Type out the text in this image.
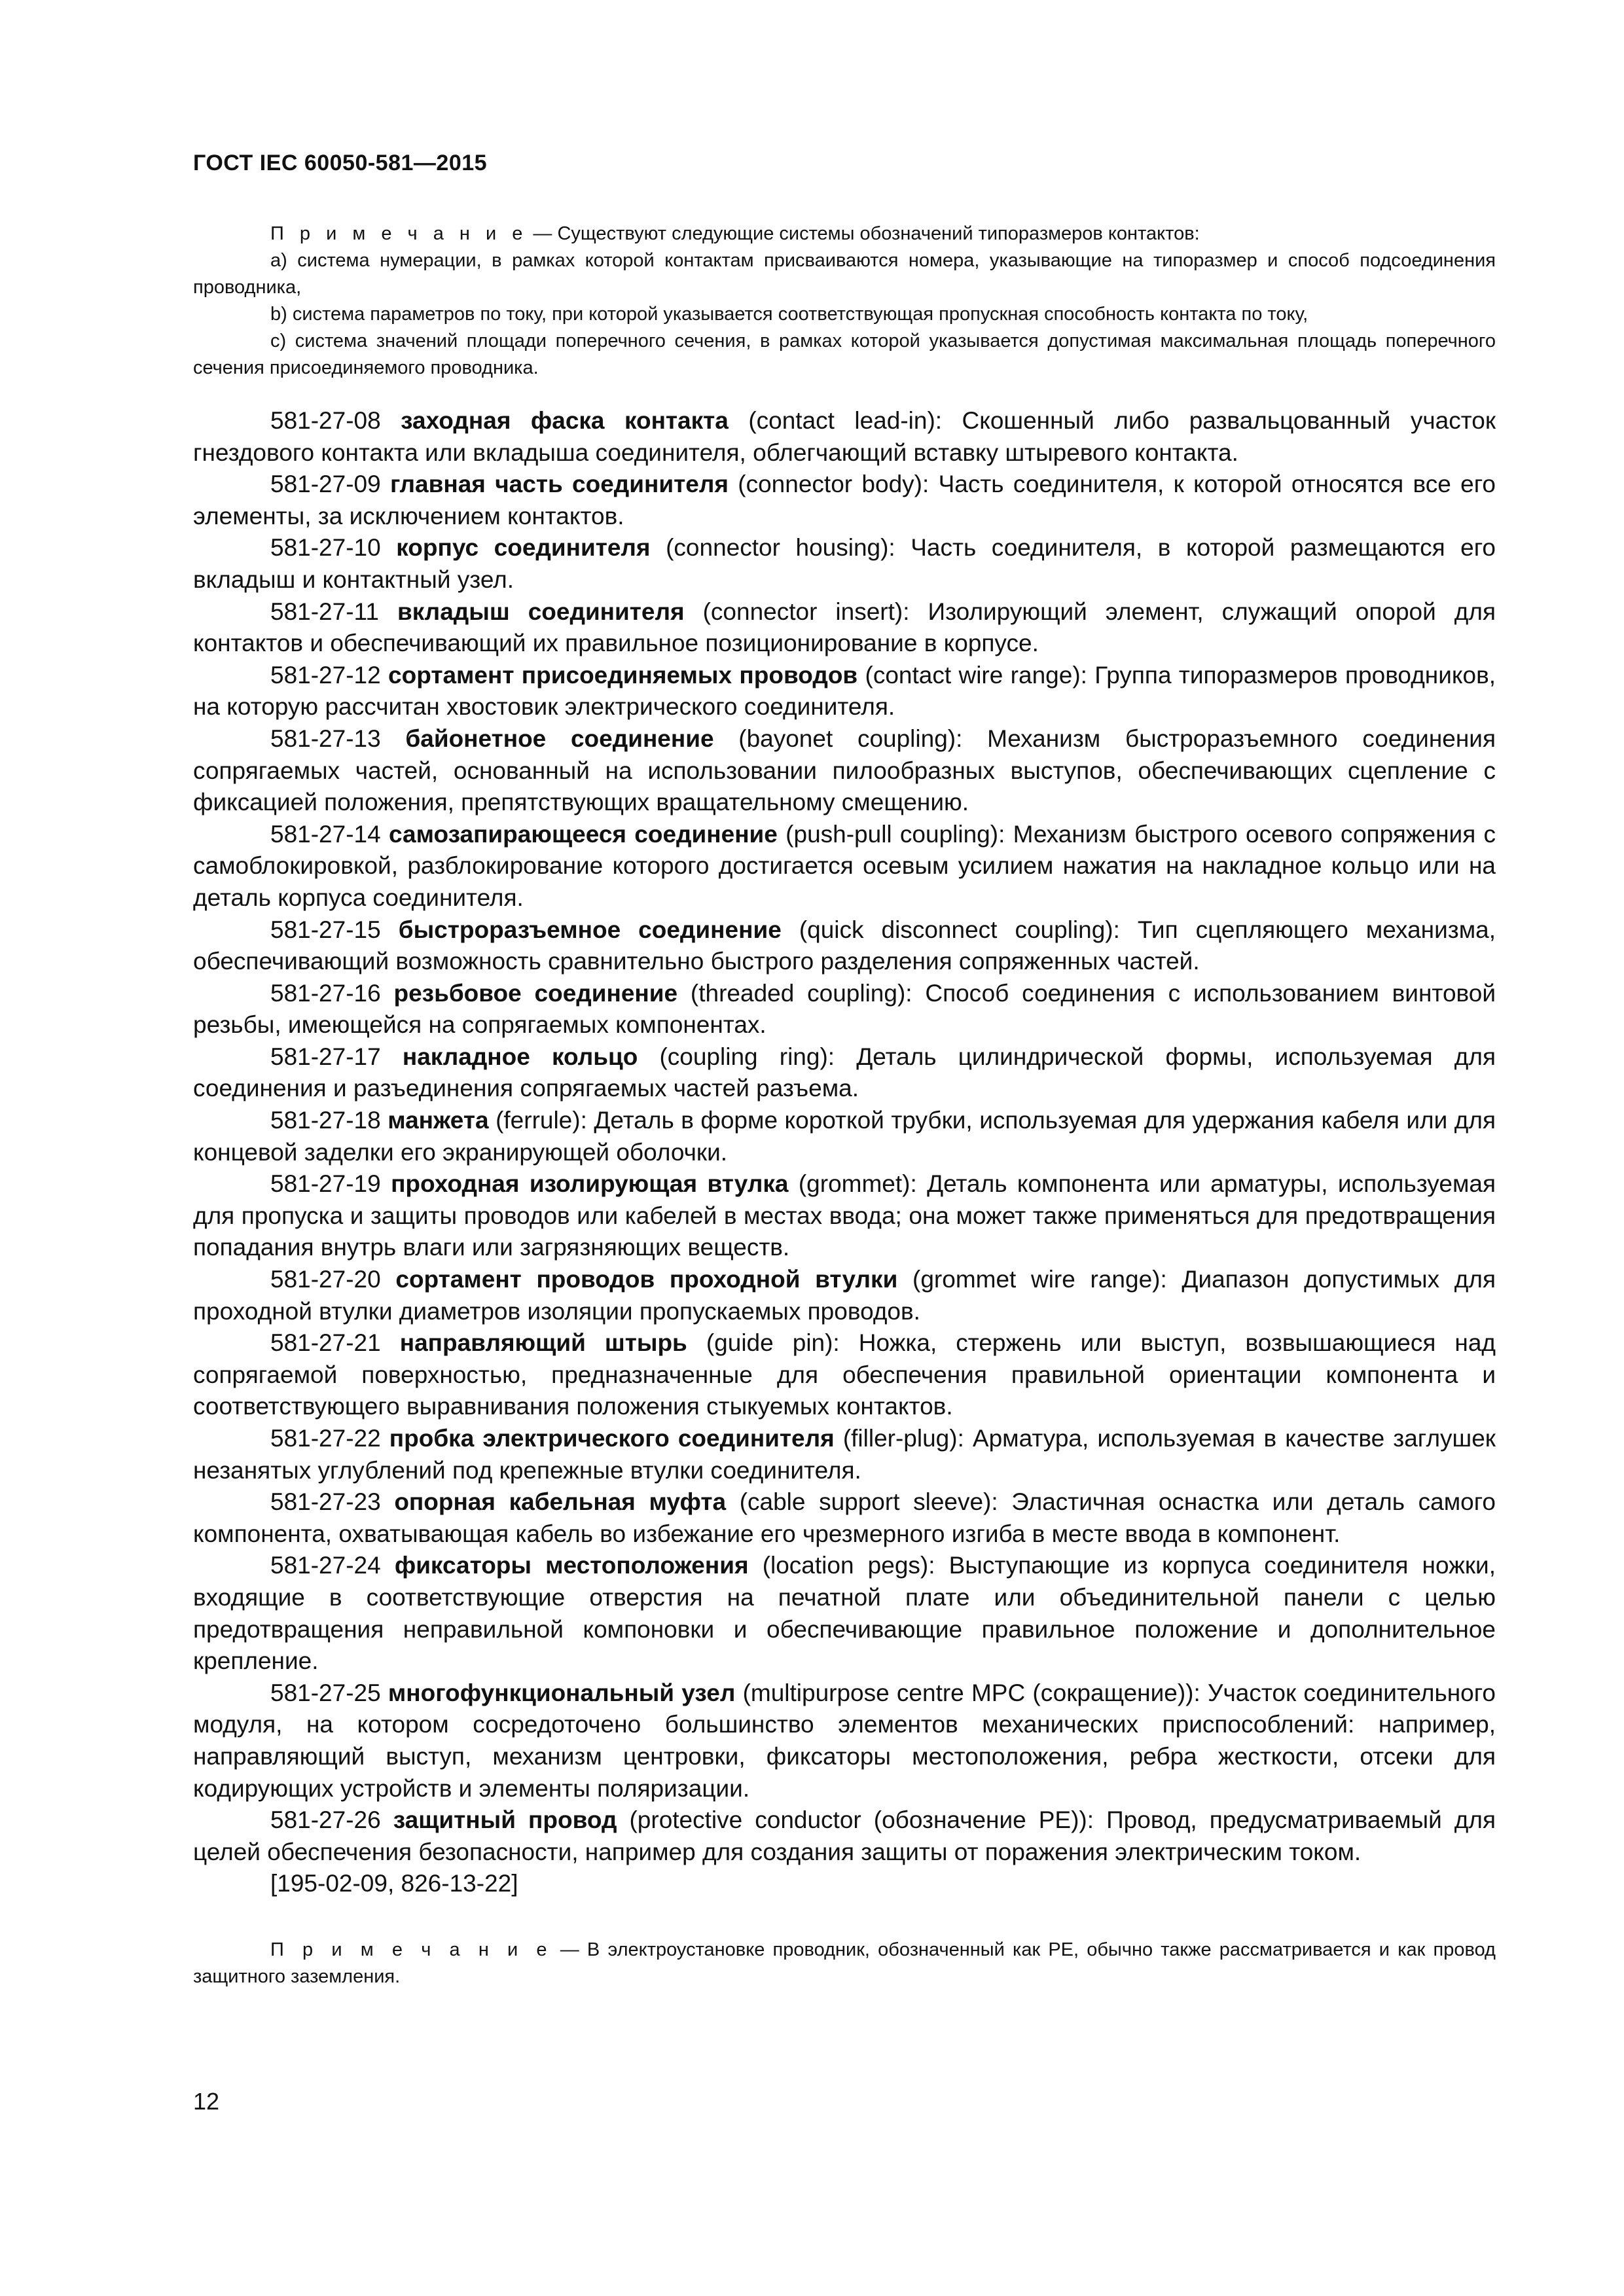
ГОСТ IEC 60050-581—2015

П р и м е ч а н и е — Существуют следующие системы обозначений типоразмеров контактов:

a) система нумерации, в рамках которой контактам присваиваются номера, указывающие на типоразмер и способ подсоединения проводника,

b) система параметров по току, при которой указывается соответствующая пропускная способность контакта по току,

c) система значений площади поперечного сечения, в рамках которой указывается допустимая максимальная площадь поперечного сечения присоединяемого проводника.

581-27-08 заходная фаска контакта (contact lead-in): Скошенный либо развальцованный участок гнездового контакта или вкладыша соединителя, облегчающий вставку штыревого контакта.

581-27-09 главная часть соединителя (connector body): Часть соединителя, к которой относятся все его элементы, за исключением контактов.

581-27-10 корпус соединителя (connector housing): Часть соединителя, в которой размещаются его вкладыш и контактный узел.

581-27-11 вкладыш соединителя (connector insert): Изолирующий элемент, служащий опорой для контактов и обеспечивающий их правильное позиционирование в корпусе.

581-27-12 сортамент присоединяемых проводов (contact wire range): Группа типоразмеров проводников, на которую рассчитан хвостовик электрического соединителя.

581-27-13 байонетное соединение (bayonet coupling): Механизм быстроразъемного соединения сопрягаемых частей, основанный на использовании пилообразных выступов, обеспечивающих сцепление с фиксацией положения, препятствующих вращательному смещению.

581-27-14 самозапирающееся соединение (push-pull coupling): Механизм быстрого осевого сопряжения с самоблокировкой, разблокирование которого достигается осевым усилием нажатия на накладное кольцо или на деталь корпуса соединителя.

581-27-15 быстроразъемное соединение (quick disconnect coupling): Тип сцепляющего механизма, обеспечивающий возможность сравнительно быстрого разделения сопряженных частей.

581-27-16 резьбовое соединение (threaded coupling): Способ соединения с использованием винтовой резьбы, имеющейся на сопрягаемых компонентах.

581-27-17 накладное кольцо (coupling ring): Деталь цилиндрической формы, используемая для соединения и разъединения сопрягаемых частей разъема.

581-27-18 манжета (ferrule): Деталь в форме короткой трубки, используемая для удержания кабеля или для концевой заделки его экранирующей оболочки.

581-27-19 проходная изолирующая втулка (grommet): Деталь компонента или арматуры, используемая для пропуска и защиты проводов или кабелей в местах ввода; она может также применяться для предотвращения попадания внутрь влаги или загрязняющих веществ.

581-27-20 сортамент проводов проходной втулки (grommet wire range): Диапазон допустимых для проходной втулки диаметров изоляции пропускаемых проводов.

581-27-21 направляющий штырь (guide pin): Ножка, стержень или выступ, возвышающиеся над сопрягаемой поверхностью, предназначенные для обеспечения правильной ориентации компонента и соответствующего выравнивания положения стыкуемых контактов.

581-27-22 пробка электрического соединителя (filler-plug): Арматура, используемая в качестве заглушек незанятых углублений под крепежные втулки соединителя.

581-27-23 опорная кабельная муфта (cable support sleeve): Эластичная оснастка или деталь самого компонента, охватывающая кабель во избежание его чрезмерного изгиба в месте ввода в компонент.

581-27-24 фиксаторы местоположения (location pegs): Выступающие из корпуса соединителя ножки, входящие в соответствующие отверстия на печатной плате или объединительной панели с целью предотвращения неправильной компоновки и обеспечивающие правильное положение и дополнительное крепление.

581-27-25 многофункциональный узел (multipurpose centre MPC (сокращение)): Участок соединительного модуля, на котором сосредоточено большинство элементов механических приспособлений: например, направляющий выступ, механизм центровки, фиксаторы местоположения, ребра жесткости, отсеки для кодирующих устройств и элементы поляризации.

581-27-26 защитный провод (protective conductor (обозначение PE)): Провод, предусматриваемый для целей обеспечения безопасности, например для создания защиты от поражения электрическим током.

[195-02-09, 826-13-22]

П р и м е ч а н и е — В электроустановке проводник, обозначенный как PE, обычно также рассматривается и как провод защитного заземления.

12
